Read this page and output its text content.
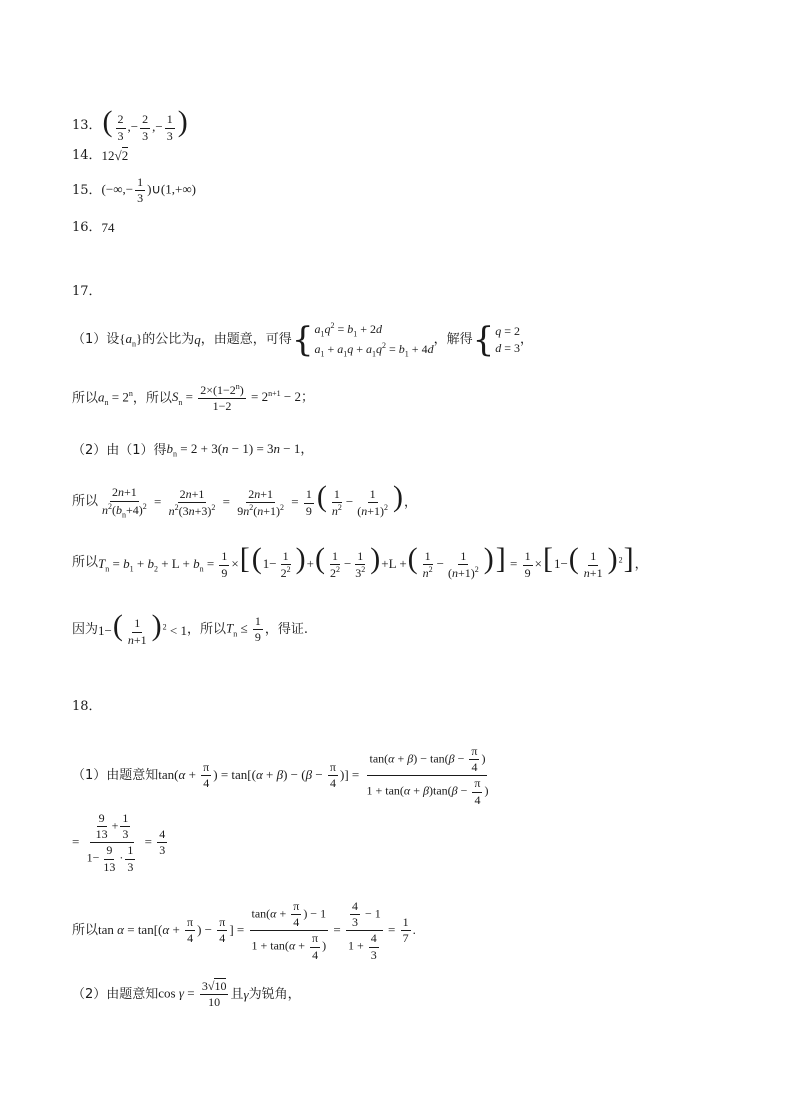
13． ( $\frac{2}{3}$ ,− $\frac{2}{3}$ ,− $\frac{1}{3}$ )
14． 12√2
15． (−∞,− $\frac{1}{3}$ )∪(1,+∞)
16． 74
17．
（1）设 $\{a_n\}$ 的公比为 q ，由题意，可得 { $a_1q^2 = b_1 + 2d$
$a_1 + a_1q + a_1q^2 = b_1 + 4d$
，解得 { q = 2
d = 3
，
所以 $a_n = 2^n$ ，所以 $S_n = \frac{2\times(1-2^n)}{1-2} = 2^{n+1} - 2$；
（2）由（1）得 $b_n = 2 + 3(n - 1) = 3n - 1$，
所以 $\frac{2n+1}{n^2(b_n+4)^2} = \frac{2n+1}{n^2(3n+3)^2} = \frac{2n+1}{9n^2(n+1)^2} = \frac{1}{9}$ ( $\frac{1}{n^2} - \frac{1}{(n+1)^2}$ )，
所以 $T_n = b_1 + b_2 + L + b_n = \frac{1}{9} \times[(1- \frac{1}{2^2}$ )+( $\frac{1}{2^2} - \frac{1}{3^2} )+L$ +( $\frac{1}{n^2} - \frac{1}{(n+1)^2}$ )] = $\frac{1}{9} \times[1-( \frac{1}{n+1} )^2]$，
因为 $1-( \frac{1}{n+1} )^2 < 1$ ，所以 $T_n \le \frac{1}{9}$ ，得证.
18．
（1）由题意知 $\tan(\alpha + \frac{\pi}{4}$ ) = $\tan[(\alpha + \beta) - (\beta - \frac{\pi}{4}$ )] = $\frac{\tan(\alpha + \beta) - \tan(\beta - \frac{\pi}{4} )}{1 + \tan(\alpha + \beta)\tan(\beta - \frac{\pi}{4} )}$
= $\frac{\frac{9}{13} + \frac{1}{3}}{1- \frac{9}{13} \cdot \frac{1}{3}} = \frac{4}{3}$
所以 $\tan \alpha = \tan[(\alpha + \frac{\pi}{4}$ ) − $\frac{\pi}{4}$ ] = $\frac{\tan(\alpha + \frac{\pi}{4} ) - 1}{1 + \tan(\alpha + \frac{\pi}{4} )} = \frac{\frac{4}{3} - 1}{1 + \frac{4}{3}} = \frac{1}{7}$ .
（2）由题意知 $\cos \gamma = \frac{3√10}{10}$ 且 γ 为锐角，
